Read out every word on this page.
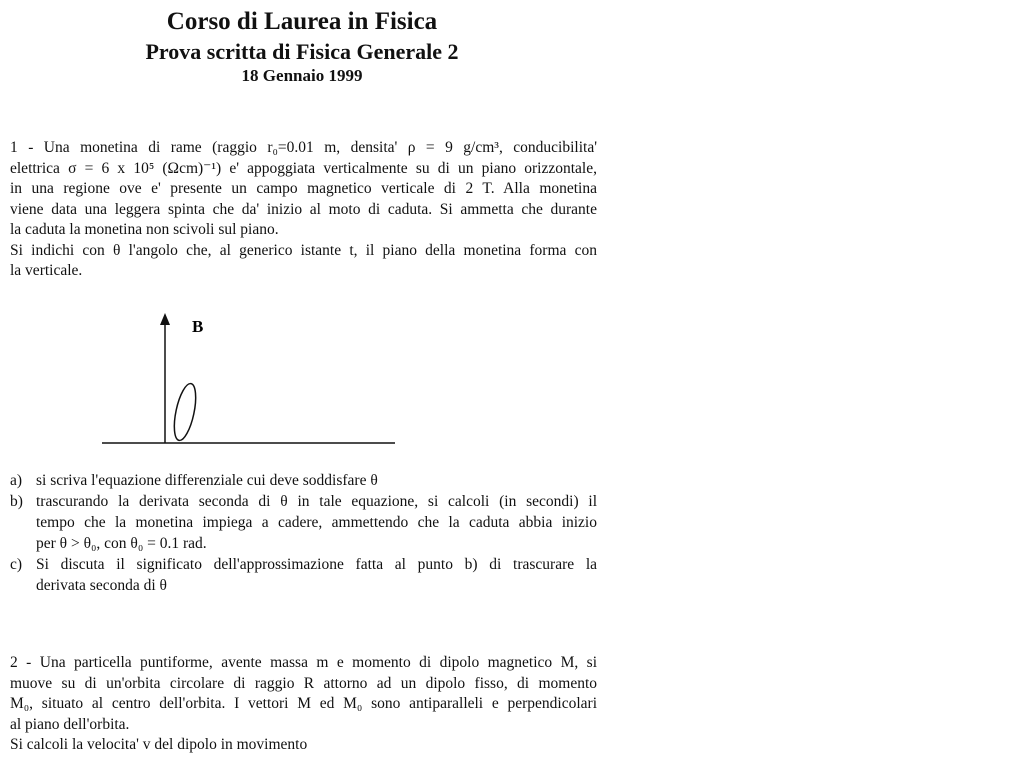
Corso di Laurea in Fisica
Prova scritta di Fisica Generale 2
18 Gennaio 1999
1 - Una monetina di rame (raggio r₀=0.01 m, densita' ρ = 9 g/cm³, conducibilita'
elettrica σ = 6 x 10⁵ (Ωcm)⁻¹) e' appoggiata verticalmente su di un piano orizzontale,
in una regione ove e' presente un campo magnetico verticale di 2 T. Alla monetina
viene data una leggera spinta che da' inizio al moto di caduta. Si ammetta che durante
la caduta la monetina non scivoli sul piano.
Si indichi con θ l'angolo che, al generico istante t, il piano della monetina forma con
la verticale.
B
a) si scriva l'equazione differenziale cui deve soddisfare θ
b) trascurando la derivata seconda di θ in tale equazione, si calcoli (in secondi) il
tempo che la monetina impiega a cadere, ammettendo che la caduta abbia inizio
per θ > θ₀, con θ₀ = 0.1 rad.
c) Si discuta il significato dell'approssimazione fatta al punto b) di trascurare la
derivata seconda di θ
2 - Una particella puntiforme, avente massa m e momento di dipolo magnetico M, si
muove su di un'orbita circolare di raggio R attorno ad un dipolo fisso, di momento
M₀, situato al centro dell'orbita. I vettori M ed M₀ sono antiparalleli e perpendicolari
al piano dell'orbita.
Si calcoli la velocita' v del dipolo in movimento
